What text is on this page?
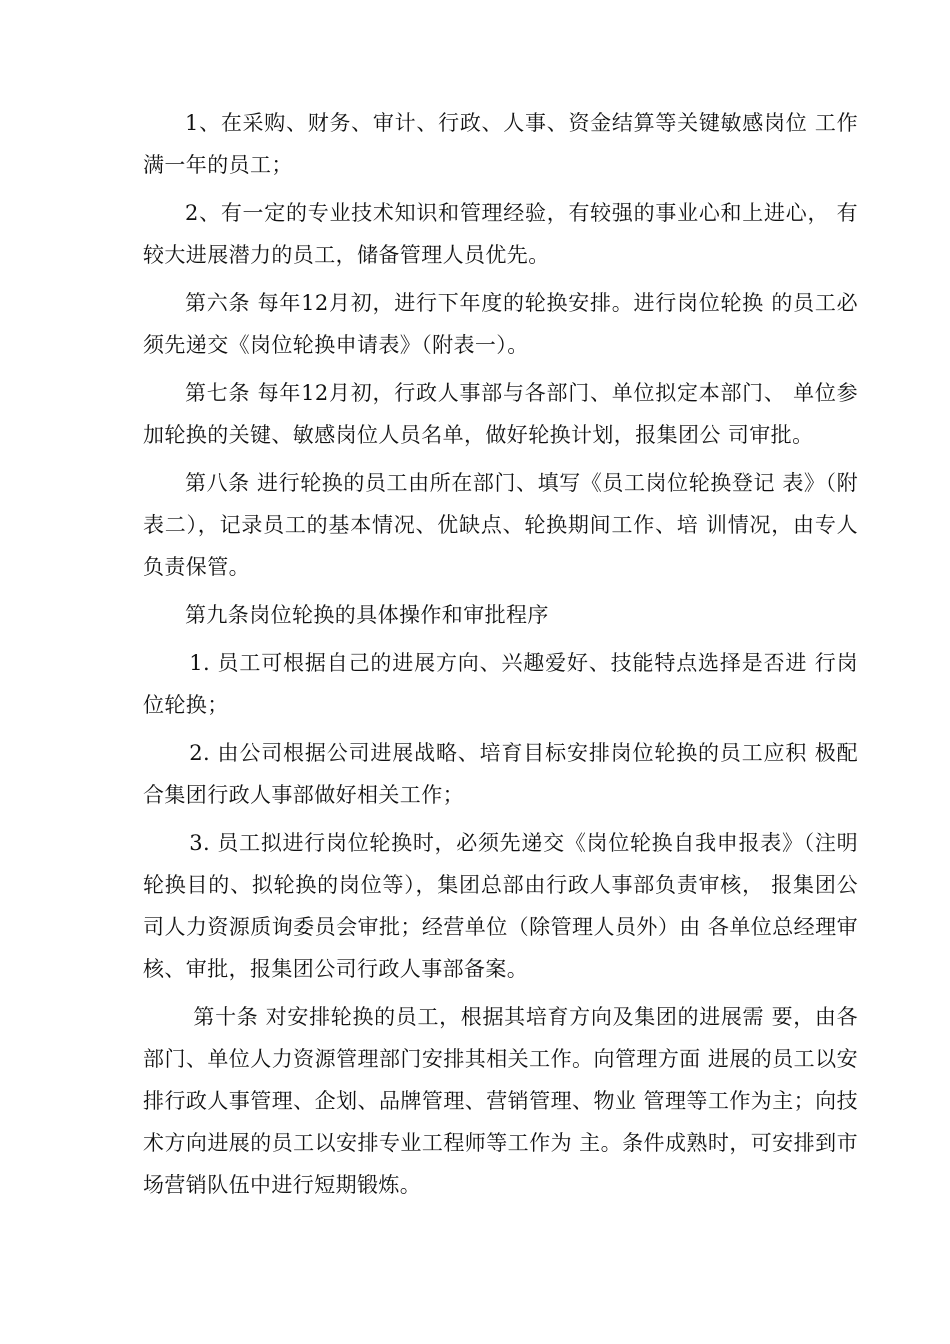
1、在采购、财务、审计、行政、人事、资金结算等关键敏感岗位 工作满一年的员工；

2、有一定的专业技术知识和管理经验，有较强的事业心和上进心， 有较大进展潜力的员工，储备管理人员优先。

第六条 每年12月初，进行下年度的轮换安排。进行岗位轮换 的员工必须先递交《岗位轮换申请表》（附表一）。

第七条 每年12月初，行政人事部与各部门、单位拟定本部门、 单位参加轮换的关键、敏感岗位人员名单，做好轮换计划，报集团公 司审批。

第八条 进行轮换的员工由所在部门、填写《员工岗位轮换登记 表》（附表二），记录员工的基本情况、优缺点、轮换期间工作、培 训情况，由专人负责保管。

第九条岗位轮换的具体操作和审批程序

1. 员工可根据自己的进展方向、兴趣爱好、技能特点选择是否进 行岗位轮换；

2. 由公司根据公司进展战略、培育目标安排岗位轮换的员工应积 极配合集团行政人事部做好相关工作；

3. 员工拟进行岗位轮换时，必须先递交《岗位轮换自我申报表》（注明轮换目的、拟轮换的岗位等），集团总部由行政人事部负责审核， 报集团公司人力资源质询委员会审批；经营单位（除管理人员外）由 各单位总经理审核、审批，报集团公司行政人事部备案。

第十条 对安排轮换的员工，根据其培育方向及集团的进展需 要，由各部门、单位人力资源管理部门安排其相关工作。向管理方面 进展的员工以安排行政人事管理、企划、品牌管理、营销管理、物业 管理等工作为主；向技术方向进展的员工以安排专业工程师等工作为 主。条件成熟时，可安排到市场营销队伍中进行短期锻炼。
